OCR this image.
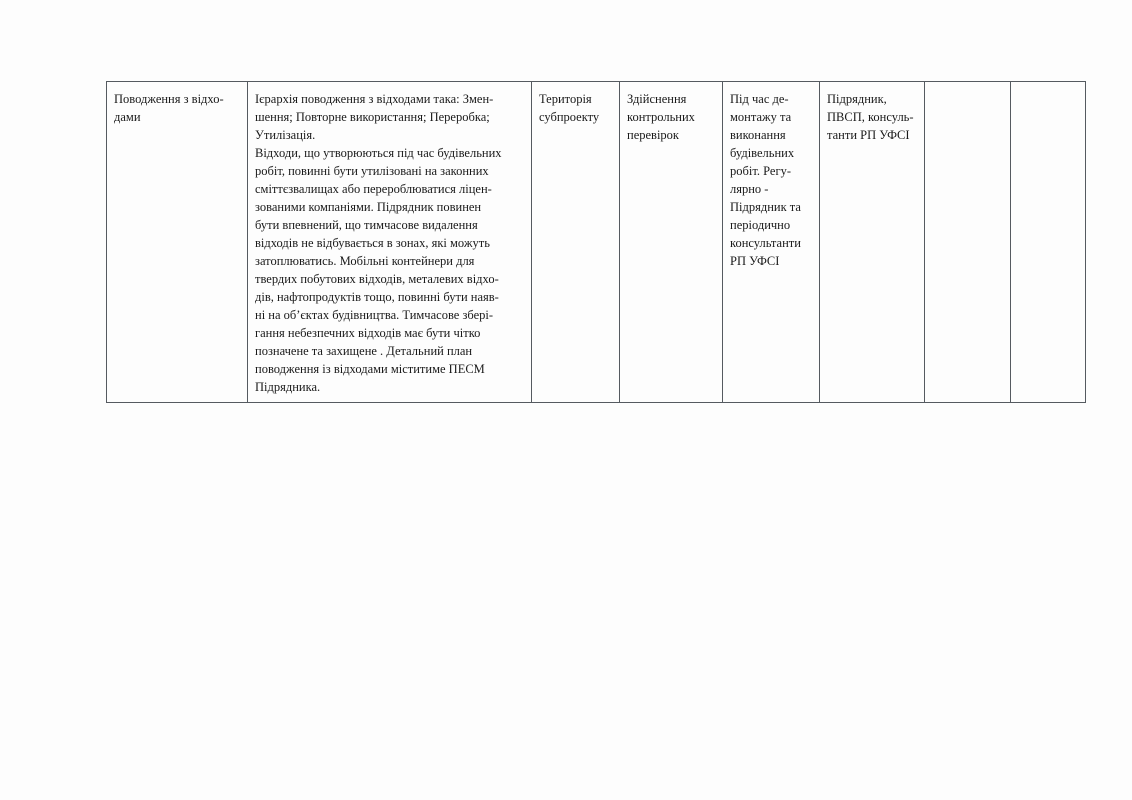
Поводження з відхо-
дами	Ієрархія поводження з відходами така: Змен-
шення; Повторне використання; Переробка;
Утилізація.
Відходи, що утворюються під час будівельних
робіт, повинні бути утилізовані на законних
сміттєзвалищах або перероблюватися ліцен-
зованими компаніями. Підрядник повинен
бути впевнений, що тимчасове видалення
відходів не відбувається в зонах, які можуть
затоплюватись. Мобільні контейнери для
твердих побутових відходів, металевих відхо-
дів, нафтопродуктів тощо, повинні бути наяв-
ні на об’єктах будівництва. Тимчасове збері-
гання небезпечних відходів має бути чітко
позначене та захищене . Детальний план
поводження із відходами міститиме ПЕСМ
Підрядника.	Територія
субпроекту	Здійснення
контрольних
перевірок	Під час де-
монтажу та
виконання
будівельних
робіт. Регу-
лярно -
Підрядник та
періодично
консультанти
РП УФСІ	Підрядник,
ПВСП, консуль-
танти РП УФСІ		
